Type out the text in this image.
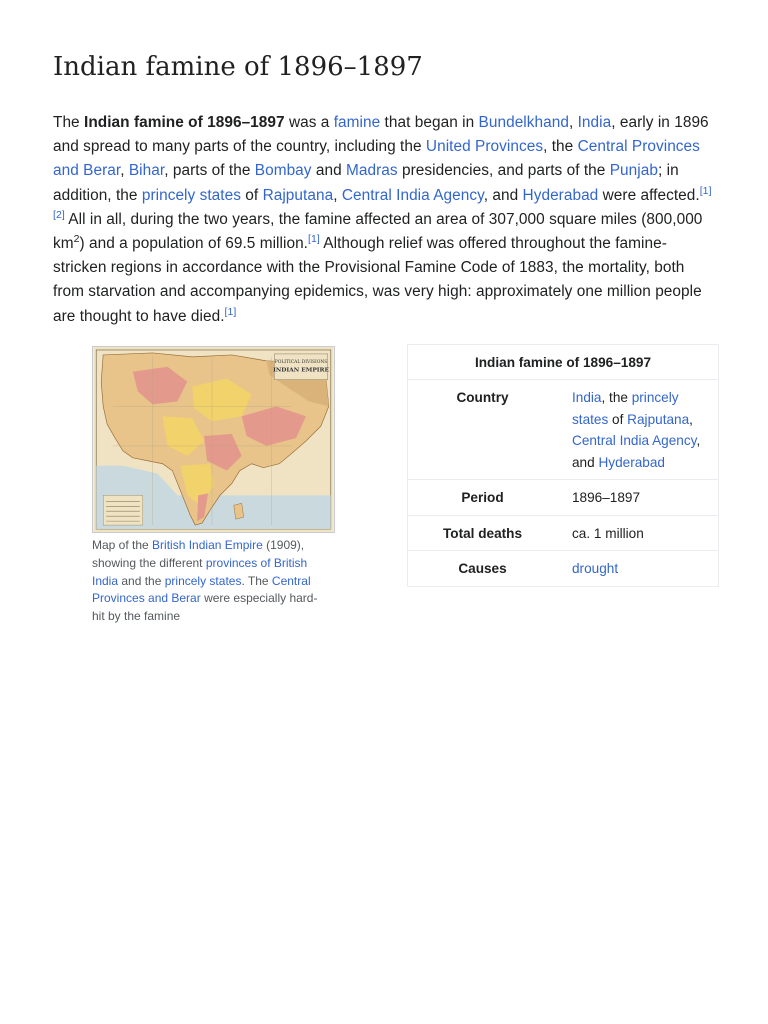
Indian famine of 1896–1897

The Indian famine of 1896–1897 was a famine that began in Bundelkhand, India, early in 1896 and spread to many parts of the country, including the United Provinces, the Central Provinces and Berar, Bihar, parts of the Bombay and Madras presidencies, and parts of the Punjab; in addition, the princely states of Rajputana, Central India Agency, and Hyderabad were affected.[1][2] All in all, during the two years, the famine affected an area of 307,000 square miles (800,000 $km^2$) and a population of 69.5 million.[1] Although relief was offered throughout the famine-stricken regions in accordance with the Provisional Famine Code of 1883, the mortality, both from starvation and accompanying epidemics, was very high: approximately one million people are thought to have died.[1]

POLITICAL DIVISIONS
INDIAN EMPIRE
Map of the British Indian Empire (1909), showing the different provinces of British India and the princely states. The Central Provinces and Berar were especially hard-hit by the famine
Indian famine of 1896–1897
Country	India, the princely states of Rajputana, Central India Agency, and Hyderabad
Period	1896–1897
Total deaths	ca. 1 million
Causes	drought
